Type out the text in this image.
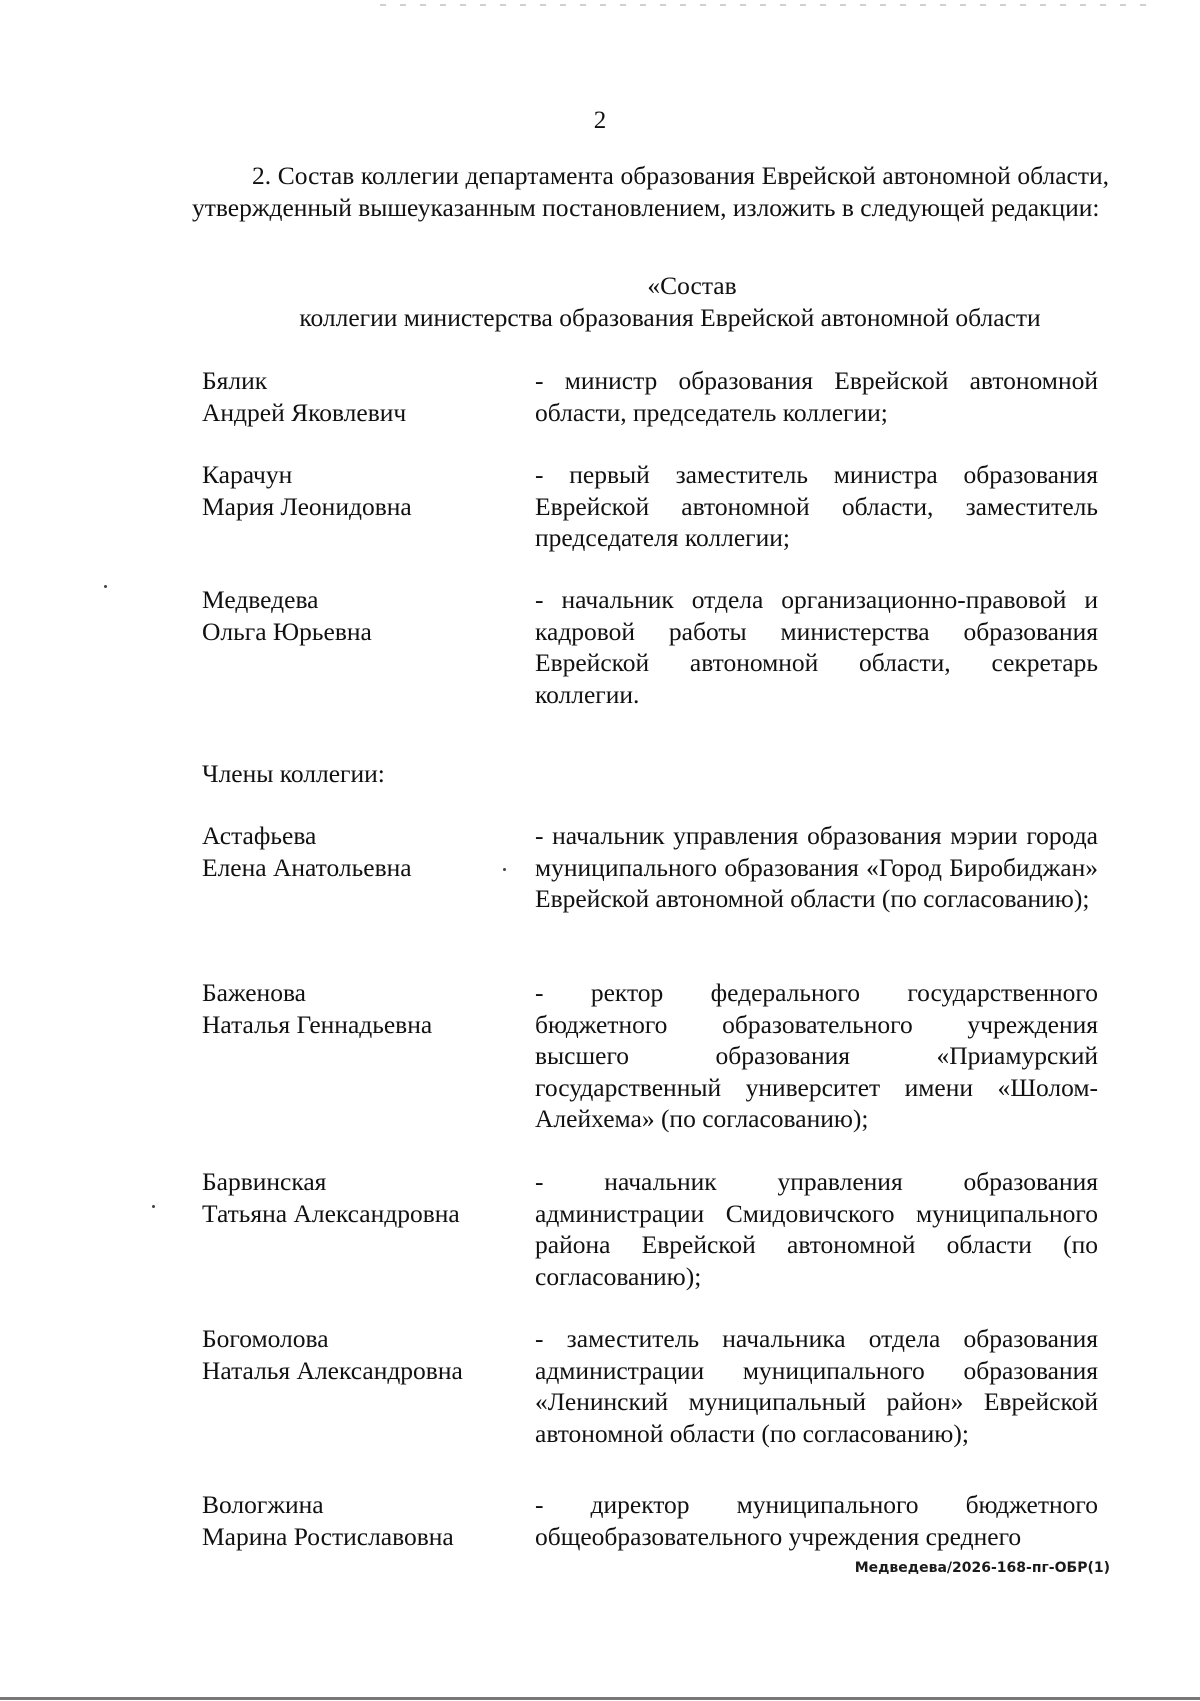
2

2. Состав коллегии департамента образования Еврейской автономной области, утвержденный вышеуказанным постановлением, изложить в следующей редакции:

«Состав

коллегии министерства образования Еврейской автономной области

Бялик
Андрей Яковлевич

- министр образования Еврейской автономной области, председатель коллегии;

Карачун
Мария Леонидовна

- первый заместитель министра образования Еврейской автономной области, заместитель председателя коллегии;

Медведева
Ольга Юрьевна

- начальник отдела организационно-правовой и кадровой работы министерства образования Еврейской автономной области, секретарь коллегии.

Члены коллегии:
Астафьева
Елена Анатольевна

- начальник управления образования мэрии города муниципального образования «Город Биробиджан» Еврейской автономной области (по согласованию);

Баженова
Наталья Геннадьевна

- ректор федерального государственного бюджетного образовательного учреждения высшего образования «Приамурский государственный университет имени «Шолом-Алейхема» (по согласованию);

Барвинская
Татьяна Александровна

- начальник управления образования администрации Смидовичского муниципального района Еврейской автономной области (по согласованию);

Богомолова
Наталья Александровна

- заместитель начальника отдела образования администрации муниципального образования «Ленинский муниципальный район» Еврейской автономной области (по согласованию);

Вологжина
Марина Ростиславовна

- директор муниципального бюджетного общеобразовательного учреждения среднего

Медведева/2026-168-пг-ОБР(1)
